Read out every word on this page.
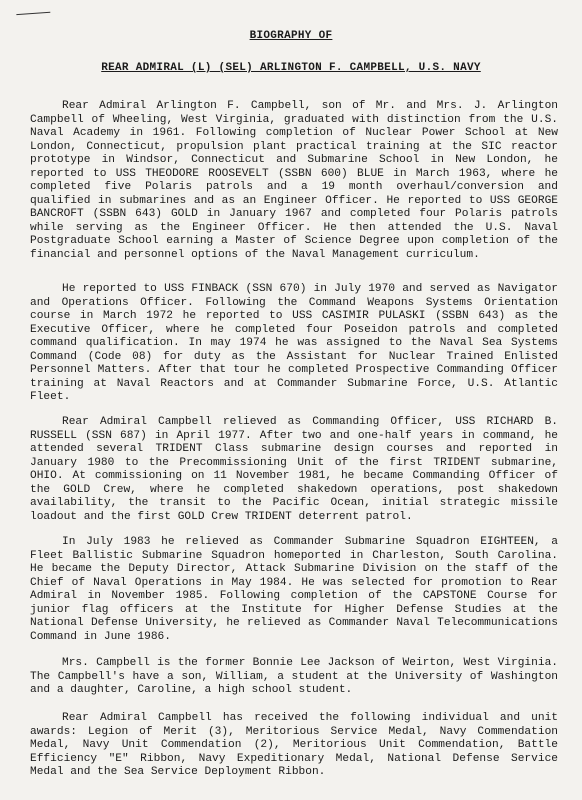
BIOGRAPHY OF
REAR ADMIRAL (L) (SEL) ARLINGTON F. CAMPBELL, U.S. NAVY

Rear Admiral Arlington F. Campbell, son of Mr. and Mrs. J. Arlington Campbell of Wheeling, West Virginia, graduated with distinction from the U.S. Naval Academy in 1961. Following completion of Nuclear Power School at New London, Connecticut, propulsion plant practical training at the SIC reactor prototype in Windsor, Connecticut and Submarine School in New London, he reported to USS THEODORE ROOSEVELT (SSBN 600) BLUE in March 1963, where he completed five Polaris patrols and a 19 month overhaul/conversion and qualified in submarines and as an Engineer Officer. He reported to USS GEORGE BANCROFT (SSBN 643) GOLD in January 1967 and completed four Polaris patrols while serving as the Engineer Officer. He then attended the U.S. Naval Postgraduate School earning a Master of Science Degree upon completion of the financial and personnel options of the Naval Management curriculum.

He reported to USS FINBACK (SSN 670) in July 1970 and served as Navigator and Operations Officer. Following the Command Weapons Systems Orientation course in March 1972 he reported to USS CASIMIR PULASKI (SSBN 643) as the Executive Officer, where he completed four Poseidon patrols and completed command qualification. In may 1974 he was assigned to the Naval Sea Systems Command (Code 08) for duty as the Assistant for Nuclear Trained Enlisted Personnel Matters. After that tour he completed Prospective Commanding Officer training at Naval Reactors and at Commander Submarine Force, U.S. Atlantic Fleet.

Rear Admiral Campbell relieved as Commanding Officer, USS RICHARD B. RUSSELL (SSN 687) in April 1977. After two and one-half years in command, he attended several TRIDENT Class submarine design courses and reported in January 1980 to the Precommissioning Unit of the first TRIDENT submarine, OHIO. At commissioning on 11 November 1981, he became Commanding Officer of the GOLD Crew, where he completed shakedown operations, post shakedown availability, the transit to the Pacific Ocean, initial strategic missile loadout and the first GOLD Crew TRIDENT deterrent patrol.

In July 1983 he relieved as Commander Submarine Squadron EIGHTEEN, a Fleet Ballistic Submarine Squadron homeported in Charleston, South Carolina. He became the Deputy Director, Attack Submarine Division on the staff of the Chief of Naval Operations in May 1984. He was selected for promotion to Rear Admiral in November 1985. Following completion of the CAPSTONE Course for junior flag officers at the Institute for Higher Defense Studies at the National Defense University, he relieved as Commander Naval Telecommunications Command in June 1986.

Mrs. Campbell is the former Bonnie Lee Jackson of Weirton, West Virginia. The Campbell's have a son, William, a student at the University of Washington and a daughter, Caroline, a high school student.

Rear Admiral Campbell has received the following individual and unit awards: Legion of Merit (3), Meritorious Service Medal, Navy Commendation Medal, Navy Unit Commendation (2), Meritorious Unit Commendation, Battle Efficiency "E" Ribbon, Navy Expeditionary Medal, National Defense Service Medal and the Sea Service Deployment Ribbon.
